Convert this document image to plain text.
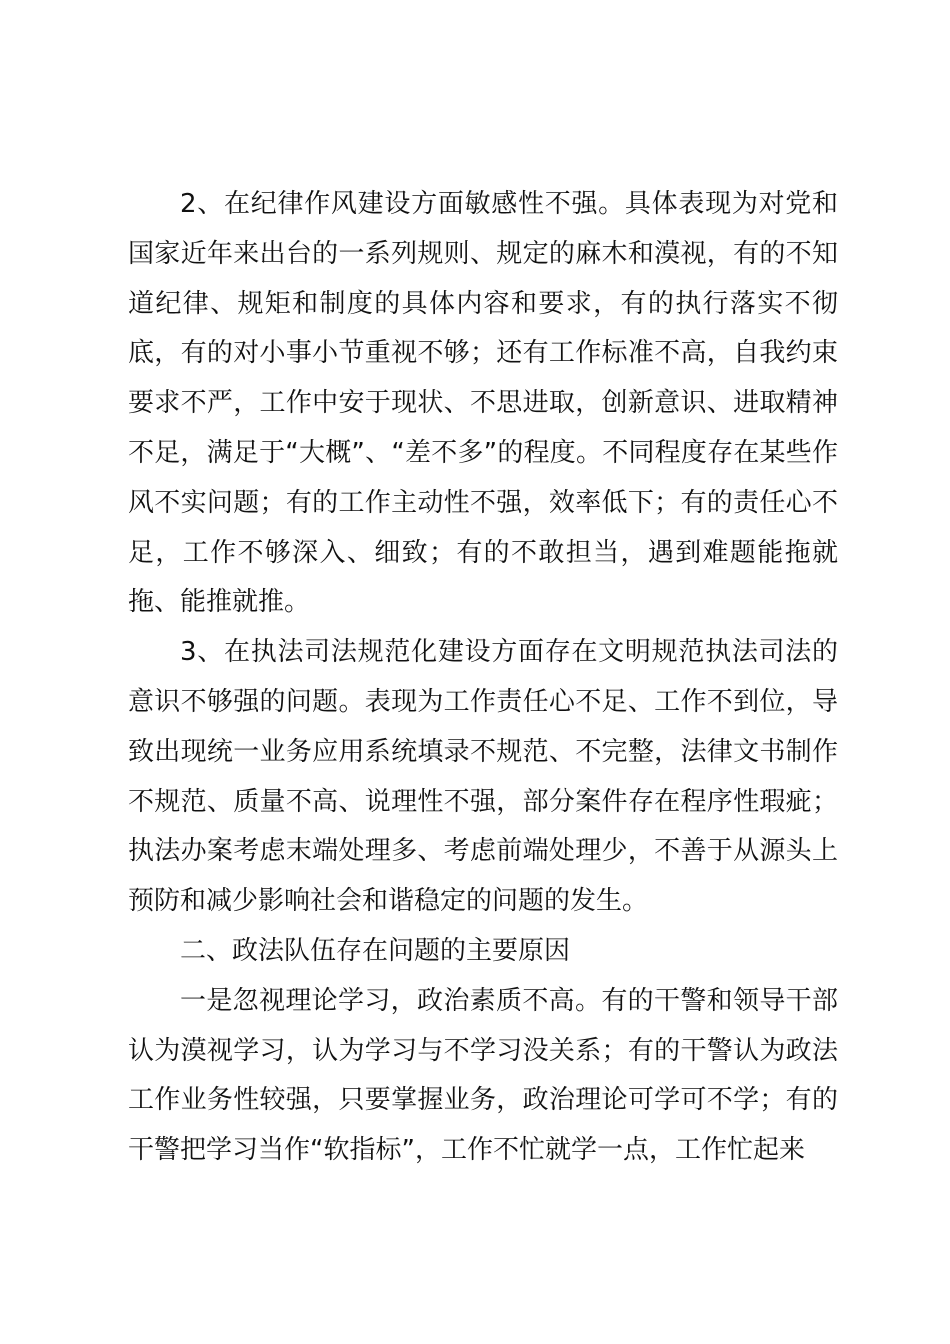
2、在纪律作风建设方面敏感性不强。具体表现为对党和国家近年来出台的一系列规则、规定的麻木和漠视，有的不知道纪律、规矩和制度的具体内容和要求，有的执行落实不彻底，有的对小事小节重视不够；还有工作标准不高，自我约束要求不严，工作中安于现状、不思进取，创新意识、进取精神不足，满足于“大概”、“差不多”的程度。不同程度存在某些作风不实问题；有的工作主动性不强，效率低下；有的责任心不足，工作不够深入、细致；有的不敢担当，遇到难题能拖就拖、能推就推。

3、在执法司法规范化建设方面存在文明规范执法司法的意识不够强的问题。表现为工作责任心不足、工作不到位，导致出现统一业务应用系统填录不规范、不完整，法律文书制作不规范、质量不高、说理性不强，部分案件存在程序性瑕疵；执法办案考虑末端处理多、考虑前端处理少，不善于从源头上预防和减少影响社会和谐稳定的问题的发生。

二、政法队伍存在问题的主要原因

一是忽视理论学习，政治素质不高。有的干警和领导干部认为漠视学习，认为学习与不学习没关系；有的干警认为政法工作业务性较强，只要掌握业务，政治理论可学可不学；有的干警把学习当作“软指标”，工作不忙就学一点，工作忙起来
